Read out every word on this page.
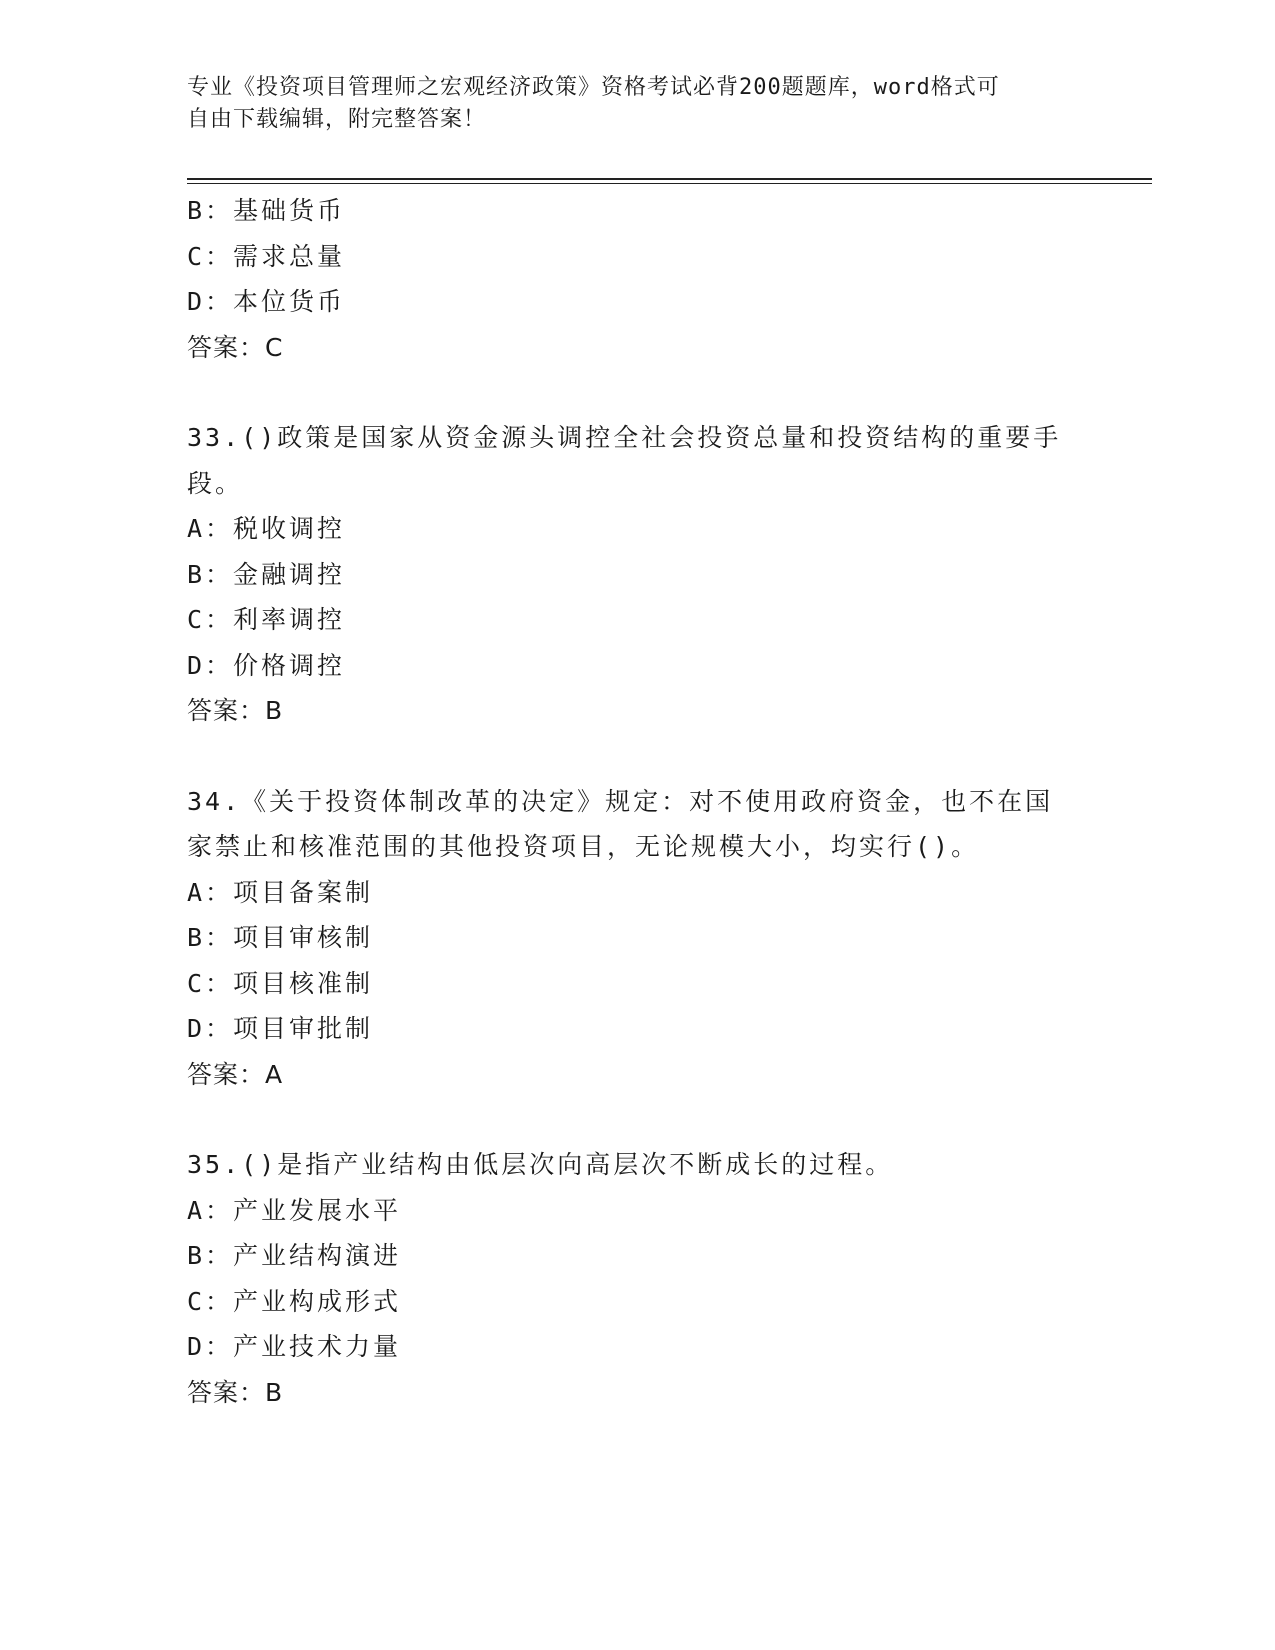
专业《投资项目管理师之宏观经济政策》资格考试必背200题题库，word格式可
自由下载编辑，附完整答案！
B：基础货币
C：需求总量
D：本位货币
答案：C
33.()政策是国家从资金源头调控全社会投资总量和投资结构的重要手段。
A：税收调控
B：金融调控
C：利率调控
D：价格调控
答案：B
34.《关于投资体制改革的决定》规定：对不使用政府资金，也不在国家禁止和核准范围的其他投资项目，无论规模大小，均实行()。
A：项目备案制
B：项目审核制
C：项目核准制
D：项目审批制
答案：A
35.()是指产业结构由低层次向高层次不断成长的过程。
A：产业发展水平
B：产业结构演进
C：产业构成形式
D：产业技术力量
答案：B
